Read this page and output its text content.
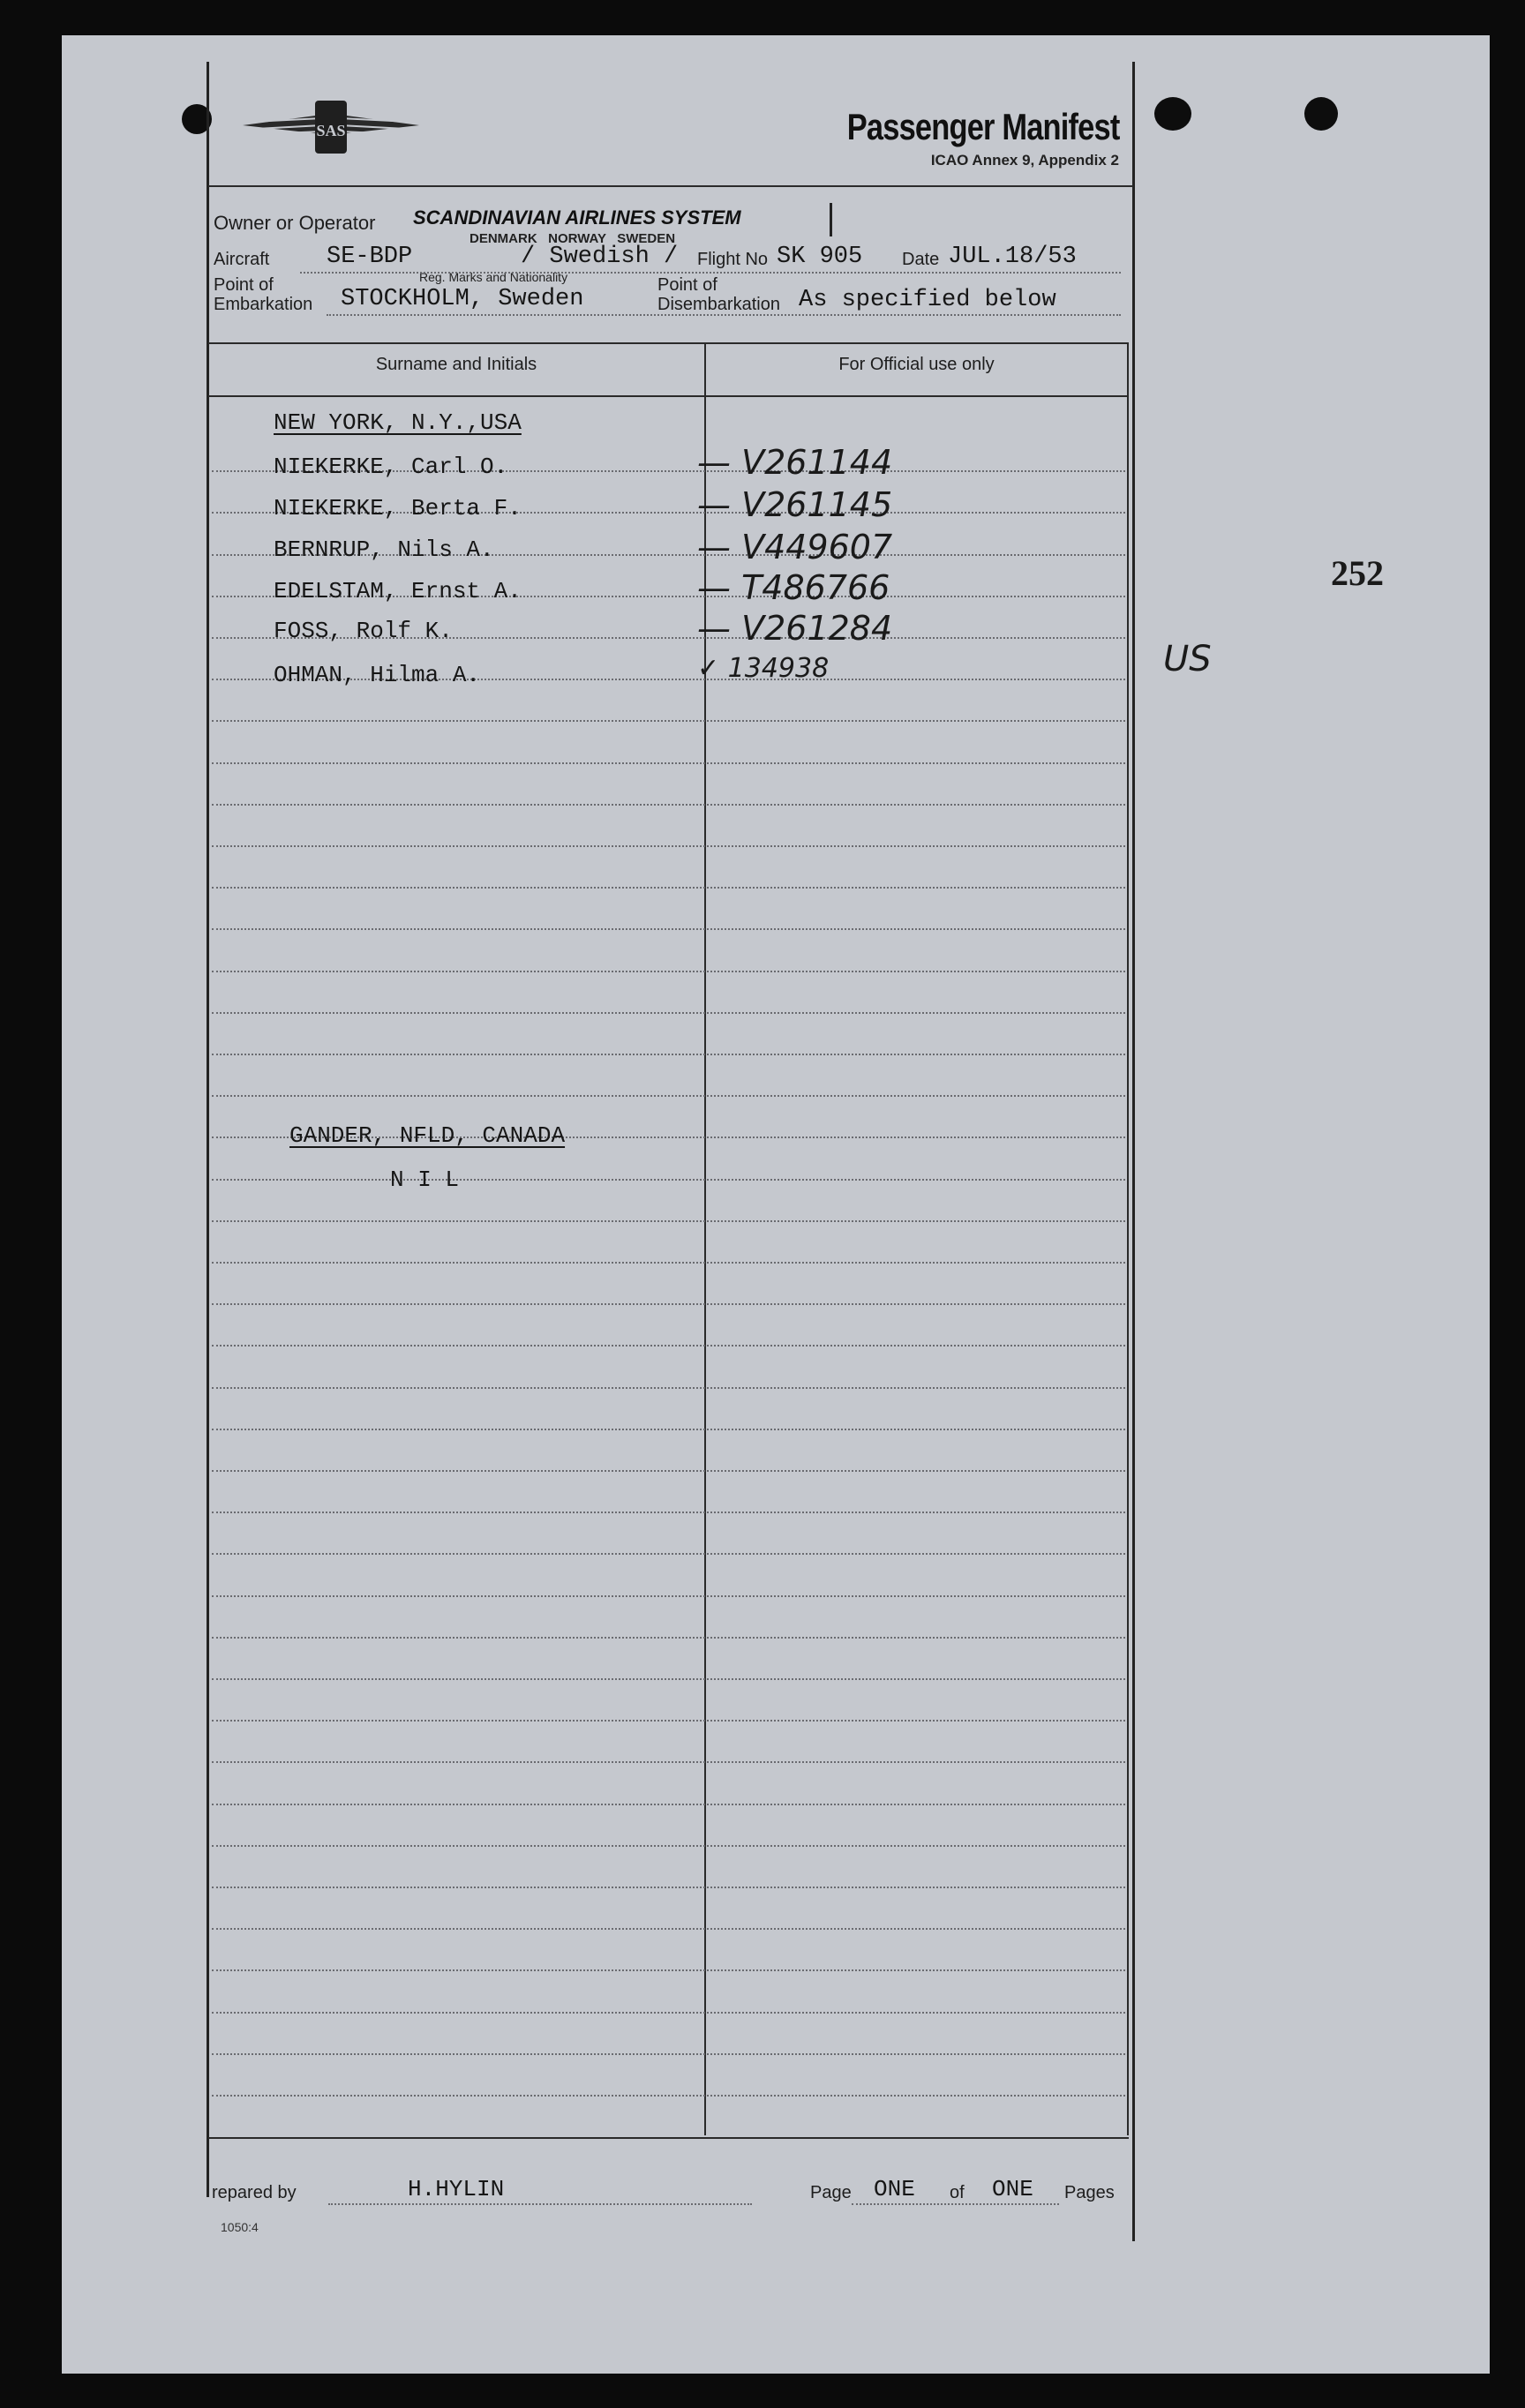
SAS	Passenger Manifest
ICAO Annex 9, Appendix 2
Owner or Operator SCANDINAVIAN AIRLINES SYSTEM
DENMARK   NORWAY   SWEDEN
Aircraft SE-BDP	/ Swedish /
Reg. Marks and Nationality
Flight No SK 905 Date JUL.18/53
Point of
Embarkation STOCKHOLM, Sweden
Point of
Disembarkation As specified below
Surname and Initials	For Official use only
NEW YORK, N.Y.,USA
NIEKERKE, Carl O.	— V261144
NIEKERKE, Berta F.	— V261145
BERNRUP, Nils A.	— V449607
EDELSTAM, Ernst A.	— T486766
FOSS, Rolf K.	— V261284
OHMAN, Hilma A.	✓ 134938
GANDER, NFLD, CANADA
N I L
252
US
repared by	H.HYLIN	Page ONE of ONE Pages
1050:4
